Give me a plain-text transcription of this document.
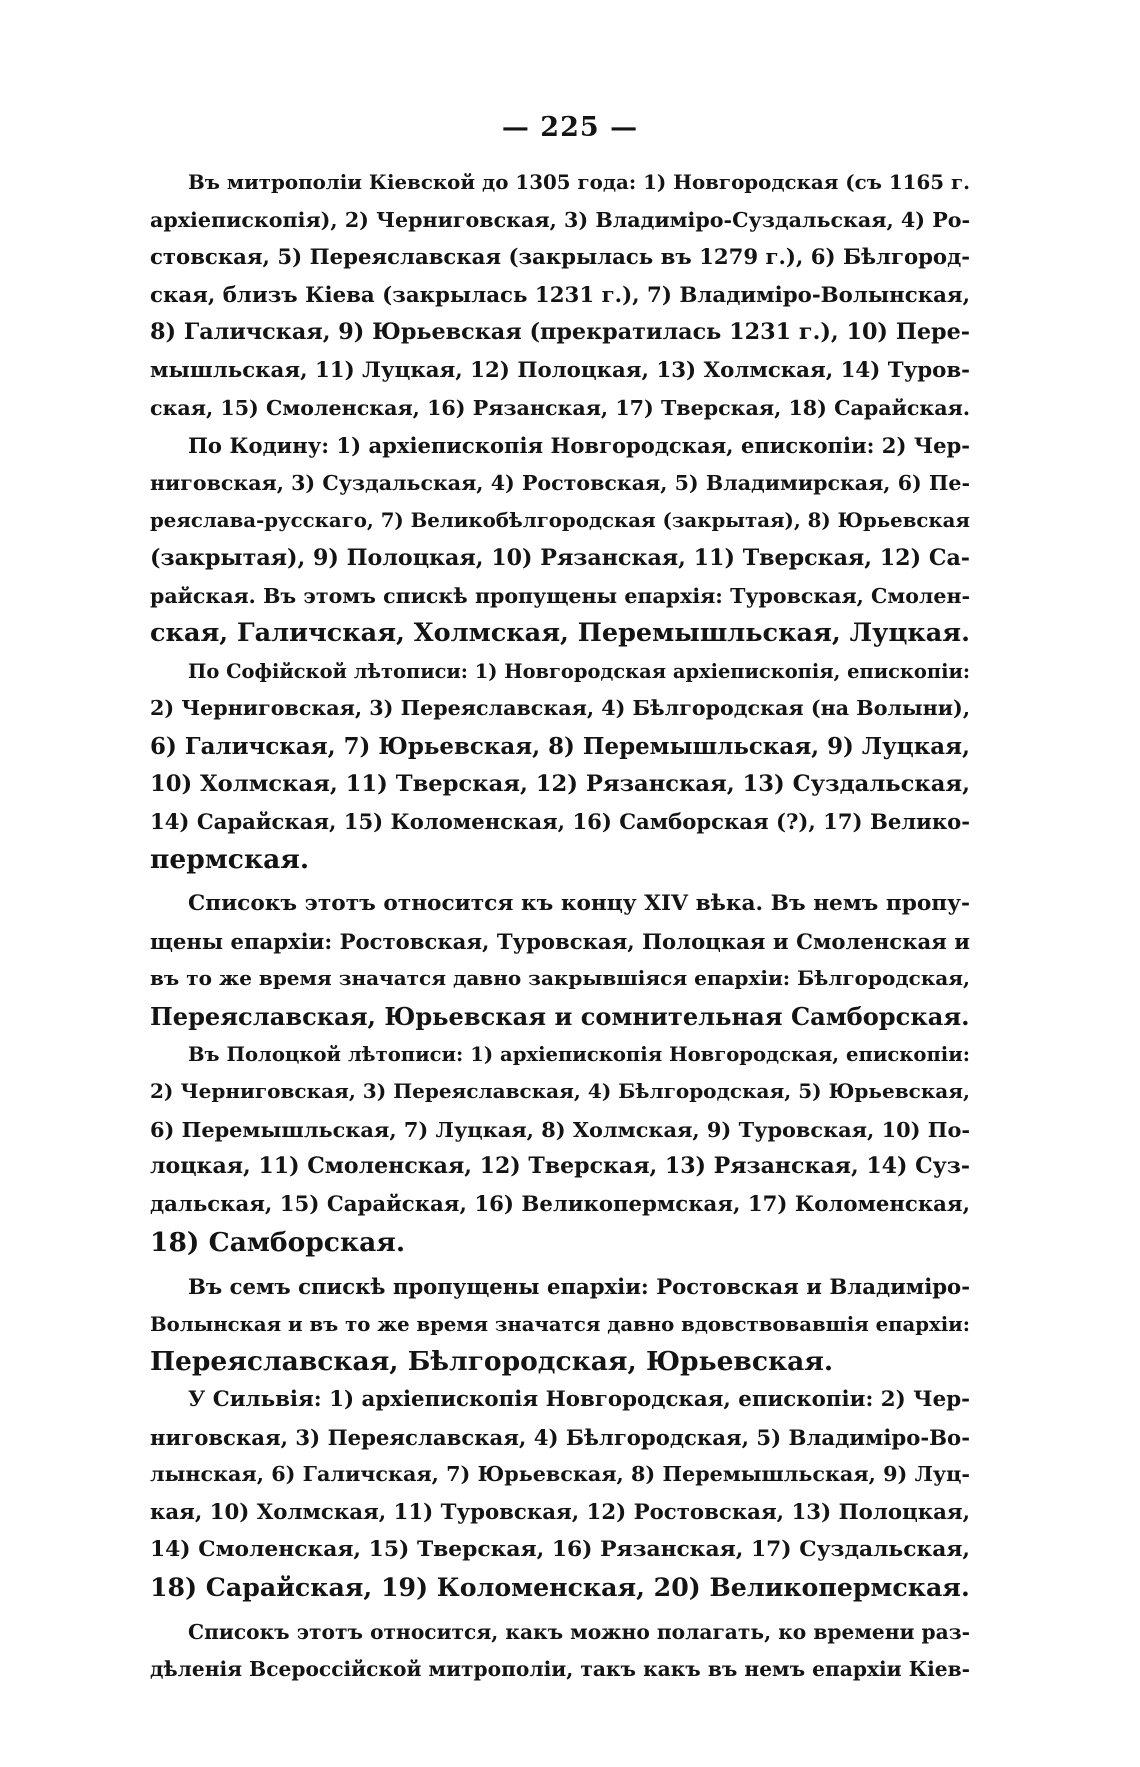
— 225 —
Въ митрополіи Кіевской до 1305 года: 1) Новгородская (съ 1165 г.
архіепископія), 2) Черниговская, 3) Владиміро-Суздальская, 4) Ро-
стовская, 5) Переяславская (закрылась въ 1279 г.), 6) Бѣлгород-
ская, близъ Кіева (закрылась 1231 г.), 7) Владиміро-Волынская,
8) Галичская, 9) Юрьевская (прекратилась 1231 г.), 10) Пере-
мышльская, 11) Луцкая, 12) Полоцкая, 13) Холмская, 14) Туров-
ская, 15) Смоленская, 16) Рязанская, 17) Тверская, 18) Сарайская.
По Кодину: 1) архіепископія Новгородская, епископіи: 2) Чер-
ниговская, 3) Суздальская, 4) Ростовская, 5) Владимирская, 6) Пе-
реяслава-русскаго, 7) Великобѣлгородская (закрытая), 8) Юрьевская
(закрытая), 9) Полоцкая, 10) Рязанская, 11) Тверская, 12) Са-
райская. Въ этомъ спискѣ пропущены епархія: Туровская, Смолен-
ская, Галичская, Холмская, Перемышльская, Луцкая.
По Софійской лѣтописи: 1) Новгородская архіепископія, епископіи:
2) Черниговская, 3) Переяславская, 4) Бѣлгородская (на Волыни),
6) Галичская, 7) Юрьевская, 8) Перемышльская, 9) Луцкая,
10) Холмская, 11) Тверская, 12) Рязанская, 13) Суздальская,
14) Сарайская, 15) Коломенская, 16) Самборская (?), 17) Велико-
пермская.
Списокъ этотъ относится къ концу XIV вѣка. Въ немъ пропу-
щены епархіи: Ростовская, Туровская, Полоцкая и Смоленская и
въ то же время значатся давно закрывшіяся епархіи: Бѣлгородская,
Переяславская, Юрьевская и сомнительная Самборская.
Въ Полоцкой лѣтописи: 1) архіепископія Новгородская, епископіи:
2) Черниговская, 3) Переяславская, 4) Бѣлгородская, 5) Юрьевская,
6) Перемышльская, 7) Луцкая, 8) Холмская, 9) Туровская, 10) По-
лоцкая, 11) Смоленская, 12) Тверская, 13) Рязанская, 14) Суз-
дальская, 15) Сарайская, 16) Великопермская, 17) Коломенская,
18) Самборская.
Въ семъ спискѣ пропущены епархіи: Ростовская и Владиміро-
Волынская и въ то же время значатся давно вдовствовавшія епархіи:
Переяславская, Бѣлгородская, Юрьевская.
У Сильвія: 1) архіепископія Новгородская, епископіи: 2) Чер-
ниговская, 3) Переяславская, 4) Бѣлгородская, 5) Владиміро-Во-
лынская, 6) Галичская, 7) Юрьевская, 8) Перемышльская, 9) Луц-
кая, 10) Холмская, 11) Туровская, 12) Ростовская, 13) Полоцкая,
14) Смоленская, 15) Тверская, 16) Рязанская, 17) Суздальская,
18) Сарайская, 19) Коломенская, 20) Великопермская.
Списокъ этотъ относится, какъ можно полагать, ко времени раз-
дѣленія Всероссійской митрополіи, такъ какъ въ немъ епархіи Кіев-
